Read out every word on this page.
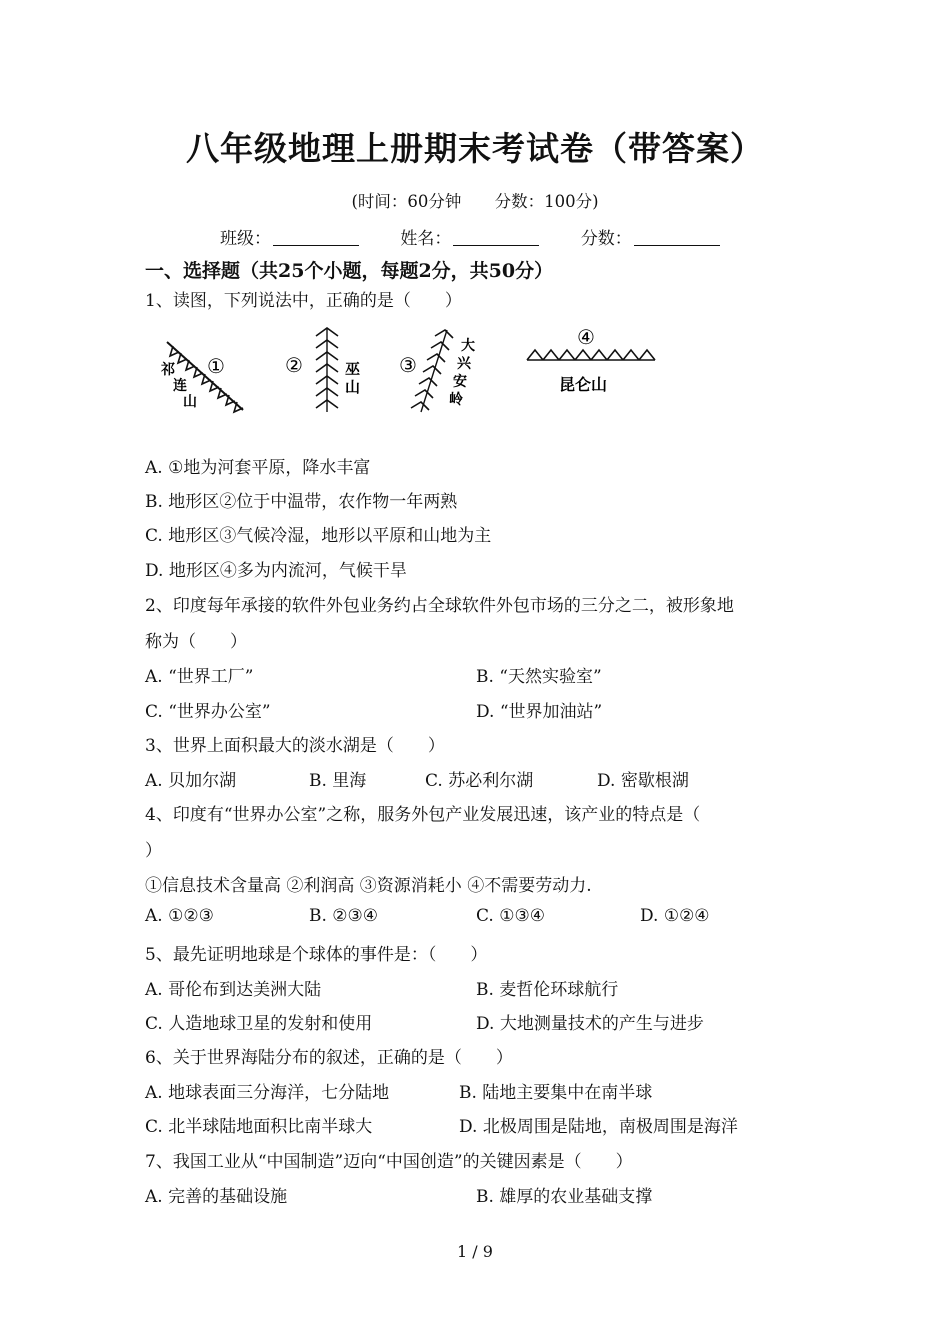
八年级地理上册期末考试卷（带答案）
(时间：60分钟 分数：100分)
班级：	姓名：	分数：
一、选择题（共25个小题，每题2分，共50分）
1、读图，下列说法中，正确的是（　　）
祁
连
山
①	②	巫
山
③
大
兴
安
岭
④
昆仑山
A. ①地为河套平原，降水丰富
B. 地形区②位于中温带，农作物一年两熟
C. 地形区③气候冷湿，地形以平原和山地为主
D. 地形区④多为内流河，气候干旱
2、印度每年承接的软件外包业务约占全球软件外包市场的三分之二，被形象地
称为（　　）
A. “世界工厂”	B. “天然实验室”
C. “世界办公室”	D. “世界加油站”
3、世界上面积最大的淡水湖是（　　）
A. 贝加尔湖	B. 里海	C. 苏必利尔湖	D. 密歇根湖
4、印度有“世界办公室”之称，服务外包产业发展迅速，该产业的特点是（
）
①信息技术含量高 ②利润高 ③资源消耗小 ④不需要劳动力.
A. ①②③	B. ②③④	C. ①③④	D. ①②④
5、最先证明地球是个球体的事件是：（　　）
A. 哥伦布到达美洲大陆	B. 麦哲伦环球航行
C. 人造地球卫星的发射和使用	D. 大地测量技术的产生与进步
6、关于世界海陆分布的叙述，正确的是（　　）
A. 地球表面三分海洋，七分陆地	B. 陆地主要集中在南半球
C. 北半球陆地面积比南半球大	D. 北极周围是陆地，南极周围是海洋
7、我国工业从“中国制造”迈向“中国创造”的关键因素是（　　）
A. 完善的基础设施	B. 雄厚的农业基础支撑
1 / 9
